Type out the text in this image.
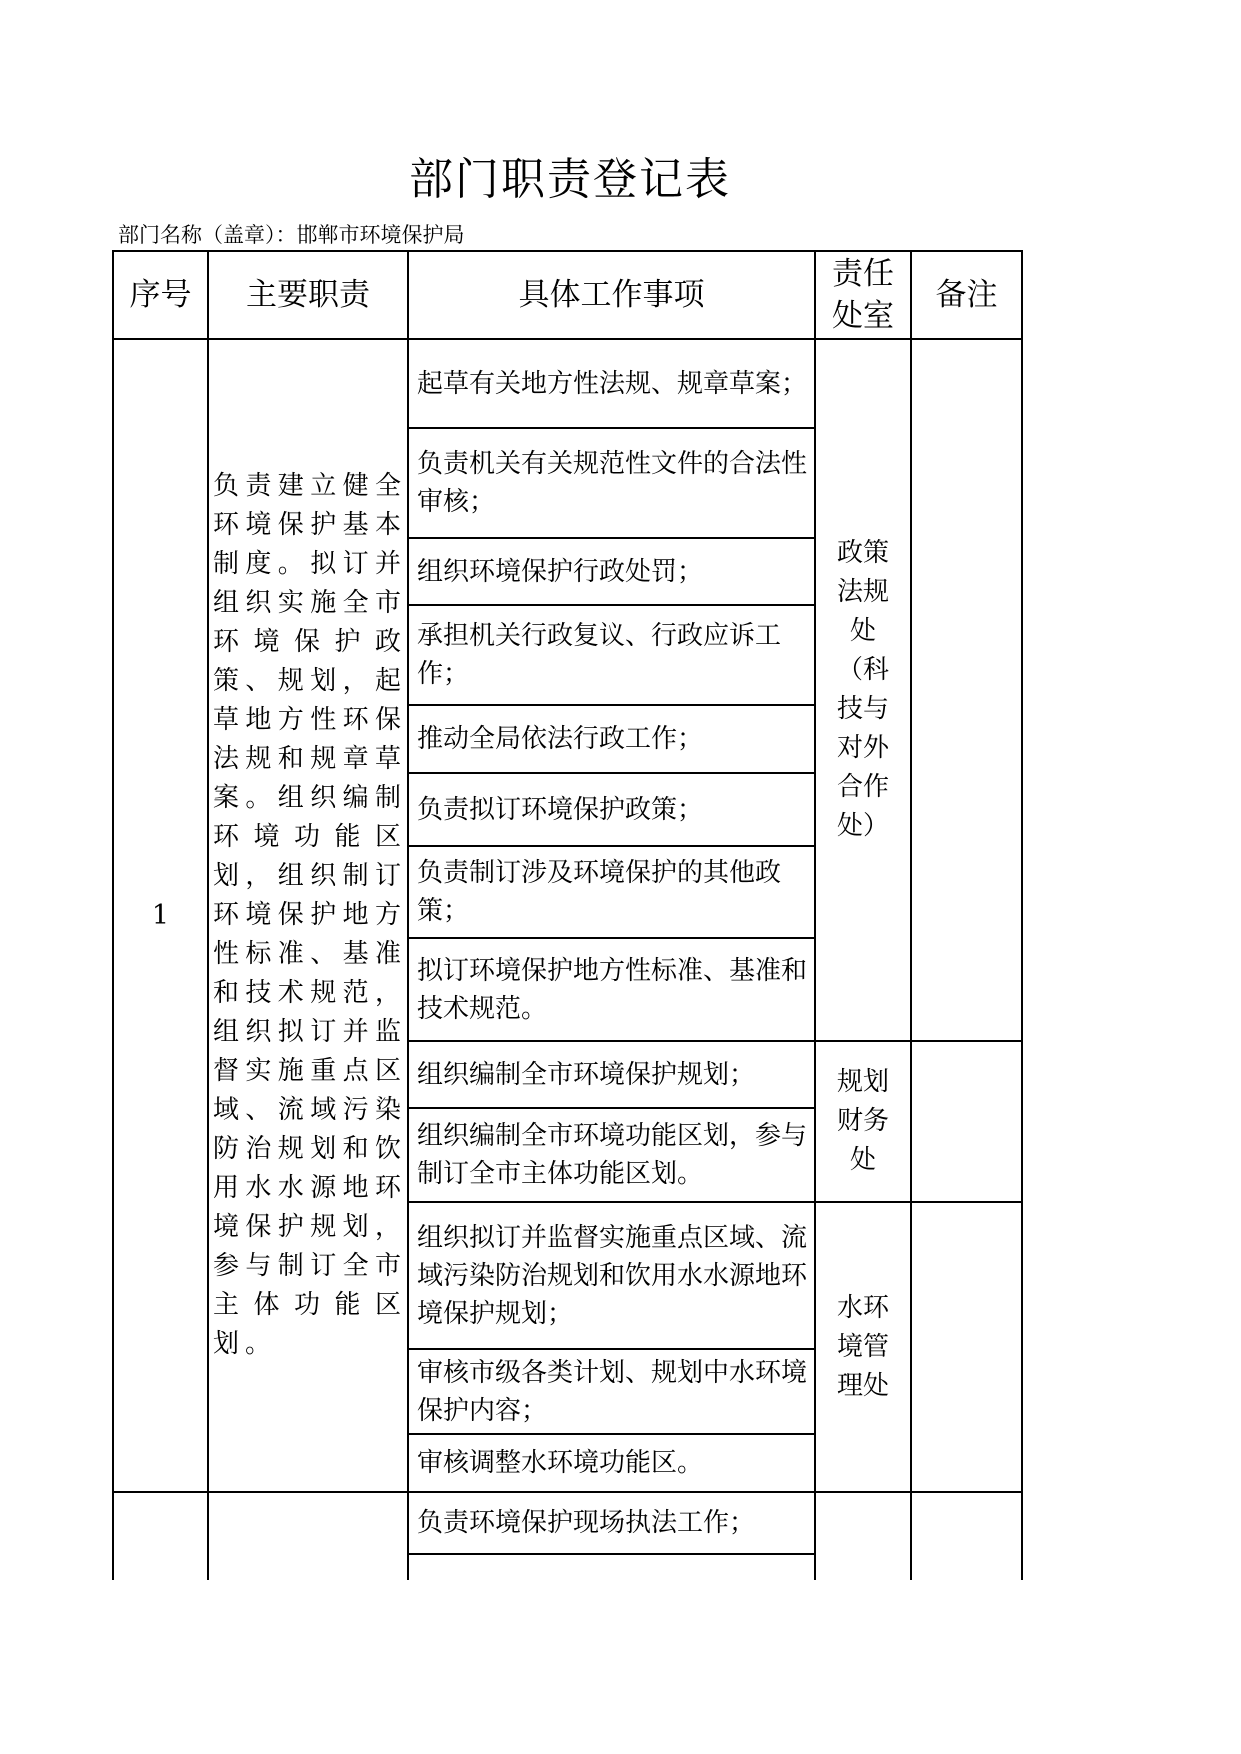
部门职责登记表
部门名称（盖章）：邯郸市环境保护局
序号	主要职责	具体工作事项
责任处室
备注
1
负责建立健全环境保护基本制度。拟订并组织实施全市环境保护政策、规划，起草地方性环保法规和规章草案。组织编制环境功能区划，组织制订环境保护地方性标准、基准和技术规范，组织拟订并监督实施重点区域、流域污染防治规划和饮用水水源地环境保护规划，参与制订全市主体功能区划。
起草有关地方性法规、规章草案；
负责机关有关规范性文件的合法性审核；
组织环境保护行政处罚；
承担机关行政复议、行政应诉工作；
推动全局依法行政工作；
负责拟订环境保护政策；
负责制订涉及环境保护的其他政策；
拟订环境保护地方性标准、基准和技术规范。
组织编制全市环境保护规划；
组织编制全市环境功能区划，参与制订全市主体功能区划。
组织拟订并监督实施重点区域、流域污染防治规划和饮用水水源地环境保护规划；
审核市级各类计划、规划中水环境保护内容；
审核调整水环境功能区。
政策法规处（科技与对外合作处）
规划财务处
水环境管理处
负责环境保护现场执法工作；
